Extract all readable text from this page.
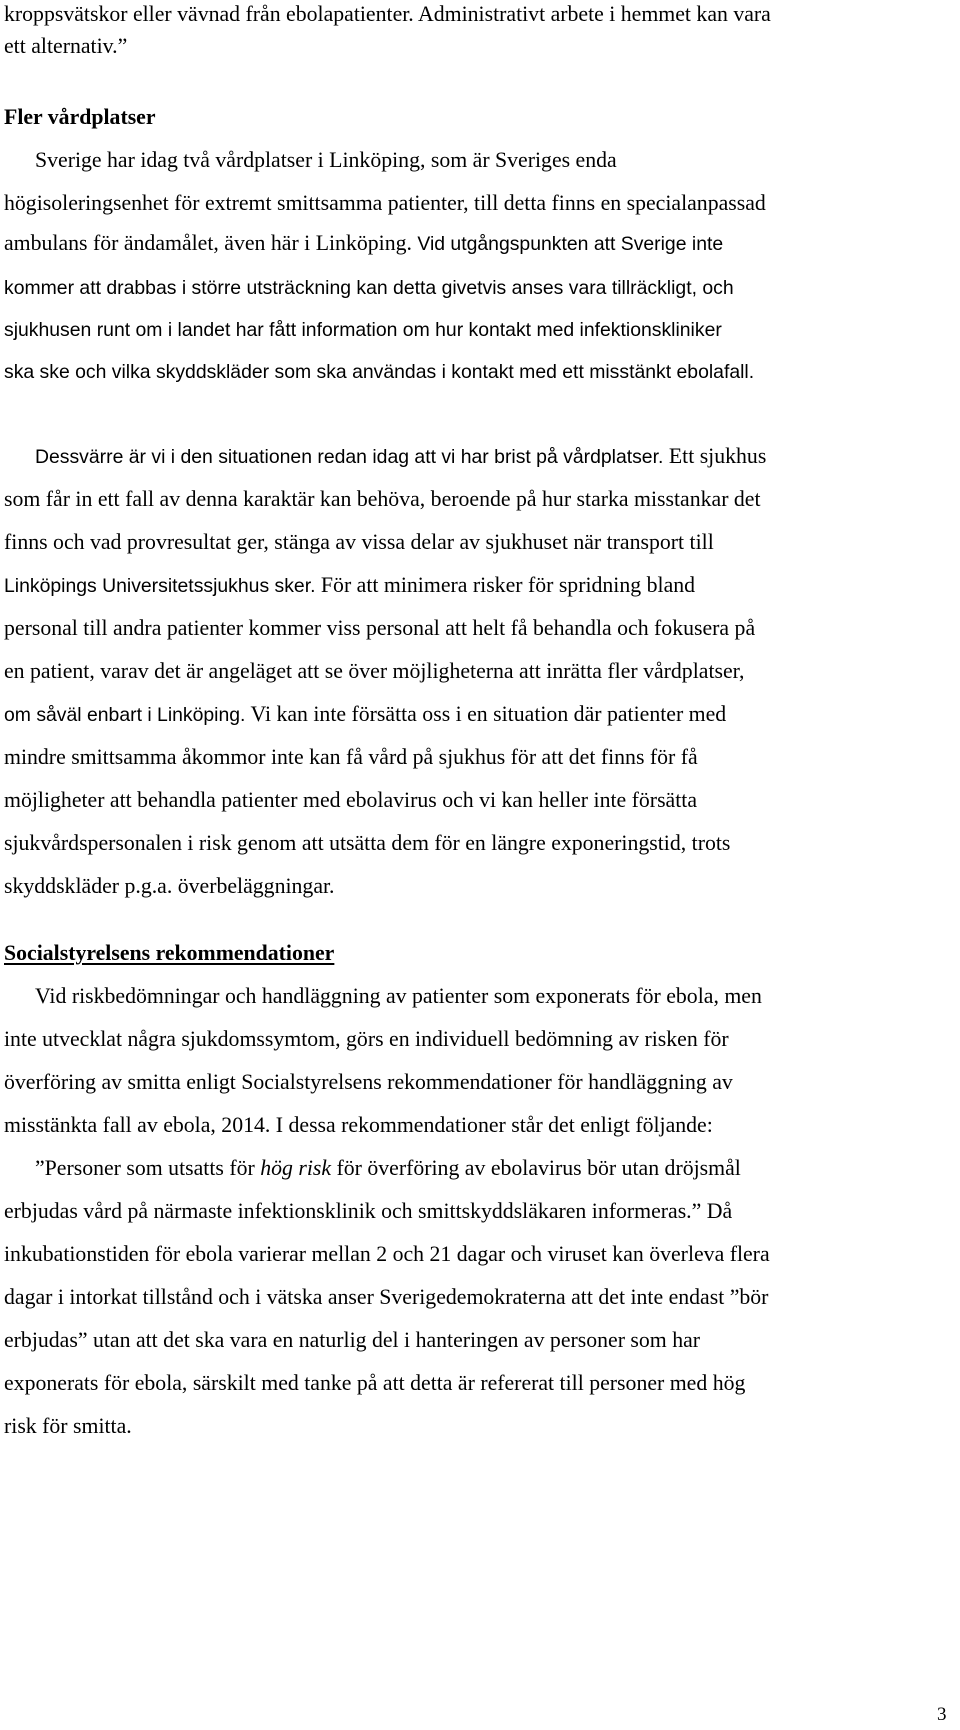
kroppsvätskor eller vävnad från ebolapatienter. Administrativt arbete i hemmet kan vara
ett alternativ.”
Fler vårdplatser
Sverige har idag två vårdplatser i Linköping, som är Sveriges enda
högisoleringsenhet för extremt smittsamma patienter, till detta finns en specialanpassad
ambulans för ändamålet, även här i Linköping. Vid utgångspunkten att Sverige inte
kommer att drabbas i större utsträckning kan detta givetvis anses vara tillräckligt, och
sjukhusen runt om i landet har fått information om hur kontakt med infektionskliniker
ska ske och vilka skyddskläder som ska användas i kontakt med ett misstänkt ebolafall.
Dessvärre är vi i den situationen redan idag att vi har brist på vårdplatser. Ett sjukhus
som får in ett fall av denna karaktär kan behöva, beroende på hur starka misstankar det
finns och vad provresultat ger, stänga av vissa delar av sjukhuset när transport till
Linköpings Universitetssjukhus sker. För att minimera risker för spridning bland
personal till andra patienter kommer viss personal att helt få behandla och fokusera på
en patient, varav det är angeläget att se över möjligheterna att inrätta fler vårdplatser,
om såväl enbart i Linköping. Vi kan inte försätta oss i en situation där patienter med
mindre smittsamma åkommor inte kan få vård på sjukhus för att det finns för få
möjligheter att behandla patienter med ebolavirus och vi kan heller inte försätta
sjukvårdspersonalen i risk genom att utsätta dem för en längre exponeringstid, trots
skyddskläder p.g.a. överbeläggningar.
Socialstyrelsens rekommendationer
Vid riskbedömningar och handläggning av patienter som exponerats för ebola, men
inte utvecklat några sjukdomssymtom, görs en individuell bedömning av risken för
överföring av smitta enligt Socialstyrelsens rekommendationer för handläggning av
misstänkta fall av ebola, 2014. I dessa rekommendationer står det enligt följande:
”Personer som utsatts för hög risk för överföring av ebolavirus bör utan dröjsmål
erbjudas vård på närmaste infektionsklinik och smittskyddsläkaren informeras.” Då
inkubationstiden för ebola varierar mellan 2 och 21 dagar och viruset kan överleva flera
dagar i intorkat tillstånd och i vätska anser Sverigedemokraterna att det inte endast ”bör
erbjudas” utan att det ska vara en naturlig del i hanteringen av personer som har
exponerats för ebola, särskilt med tanke på att detta är refererat till personer med hög
risk för smitta.
3
